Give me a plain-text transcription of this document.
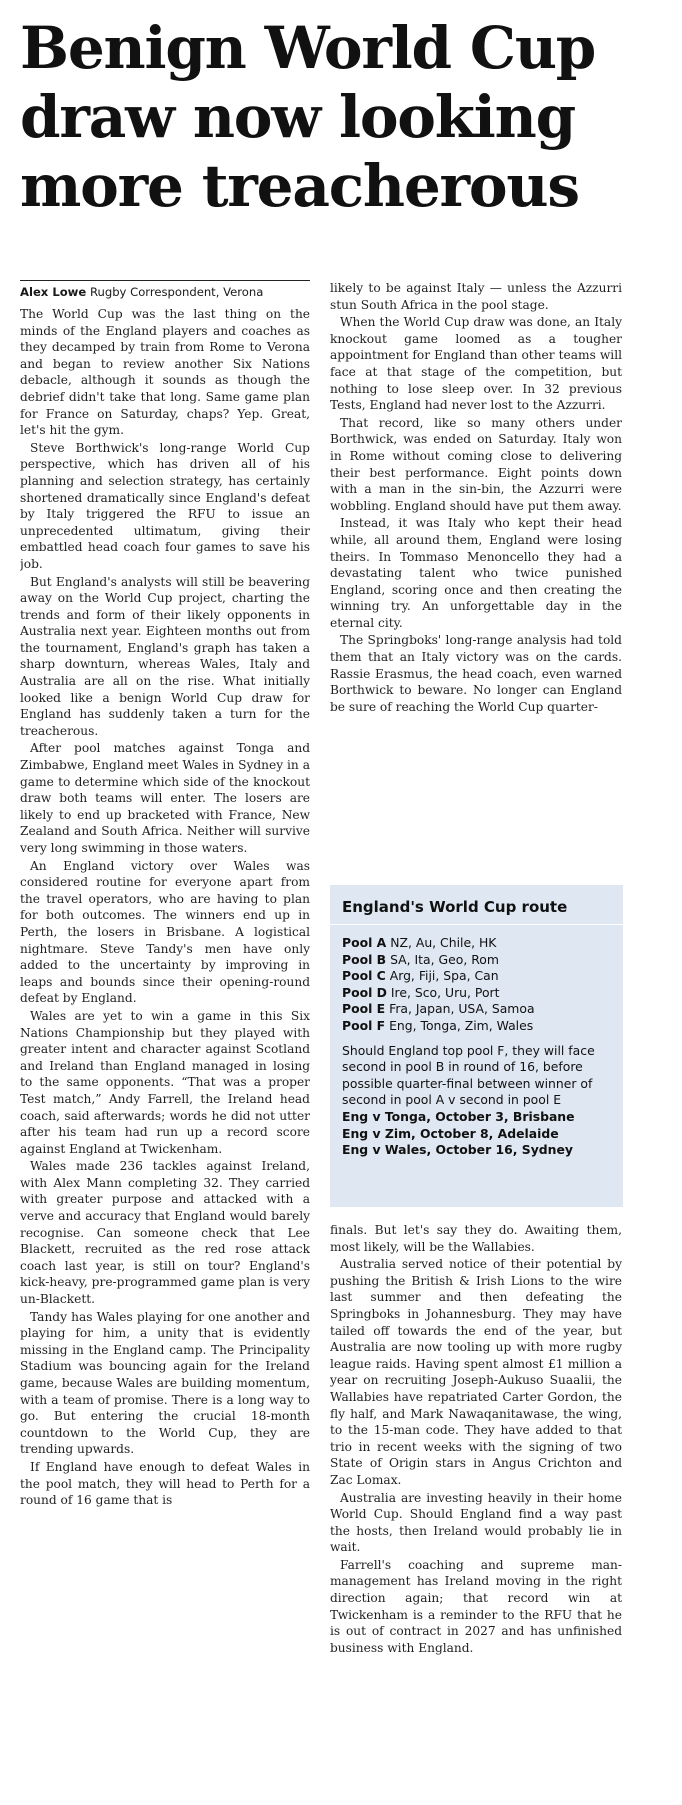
Benign World Cup
draw now looking
more treacherous
Alex Lowe Rugby Correspondent, Verona

The World Cup was the last thing on the minds of the England players and coaches as they decamped by train from Rome to Verona and began to review another Six Nations debacle, although it sounds as though the debrief didn't take that long. Same game plan for France on Saturday, chaps? Yep. Great, let's hit the gym.

Steve Borthwick's long-range World Cup perspective, which has driven all of his planning and selection strategy, has certainly shortened dramatically since England's defeat by Italy triggered the RFU to issue an unprecedented ultimatum, giving their embattled head coach four games to save his job.

But England's analysts will still be beavering away on the World Cup project, charting the trends and form of their likely opponents in Australia next year. Eighteen months out from the tournament, England's graph has taken a sharp downturn, whereas Wales, Italy and Australia are all on the rise. What initially looked like a benign World Cup draw for England has suddenly taken a turn for the treacherous.

After pool matches against Tonga and Zimbabwe, England meet Wales in Sydney in a game to determine which side of the knockout draw both teams will enter. The losers are likely to end up bracketed with France, New Zealand and South Africa. Neither will survive very long swimming in those waters.

An England victory over Wales was considered routine for everyone apart from the travel operators, who are having to plan for both outcomes. The winners end up in Perth, the losers in Brisbane. A logistical nightmare. Steve Tandy's men have only added to the uncertainty by improving in leaps and bounds since their opening-round defeat by England.

Wales are yet to win a game in this Six Nations Championship but they played with greater intent and character against Scotland and Ireland than England managed in losing to the same opponents. “That was a proper Test match,” Andy Farrell, the Ireland head coach, said afterwards; words he did not utter after his team had run up a record score against England at Twickenham.

Wales made 236 tackles against Ireland, with Alex Mann completing 32. They carried with greater purpose and attacked with a verve and accuracy that England would barely recognise. Can someone check that Lee Blackett, recruited as the red rose attack coach last year, is still on tour? England's kick-heavy, pre-programmed game plan is very un-Blackett.

Tandy has Wales playing for one another and playing for him, a unity that is evidently missing in the England camp. The Principality Stadium was bouncing again for the Ireland game, because Wales are building momentum, with a team of promise. There is a long way to go. But entering the crucial 18-month countdown to the World Cup, they are trending upwards.

If England have enough to defeat Wales in the pool match, they will head to Perth for a round of 16 game that is

likely to be against Italy — unless the Azzurri stun South Africa in the pool stage.

When the World Cup draw was done, an Italy knockout game loomed as a tougher appointment for England than other teams will face at that stage of the competition, but nothing to lose sleep over. In 32 previous Tests, England had never lost to the Azzurri.

That record, like so many others under Borthwick, was ended on Saturday. Italy won in Rome without coming close to delivering their best performance. Eight points down with a man in the sin-bin, the Azzurri were wobbling. England should have put them away.

Instead, it was Italy who kept their head while, all around them, England were losing theirs. In Tommaso Menoncello they had a devastating talent who twice punished England, scoring once and then creating the winning try. An unforgettable day in the eternal city.

The Springboks' long-range analysis had told them that an Italy victory was on the cards. Rassie Erasmus, the head coach, even warned Borthwick to beware. No longer can England be sure of reaching the World Cup quarter-

England's World Cup route
Pool A NZ, Au, Chile, HK
Pool B SA, Ita, Geo, Rom
Pool C Arg, Fiji, Spa, Can
Pool D Ire, Sco, Uru, Port
Pool E Fra, Japan, USA, Samoa
Pool F Eng, Tonga, Zim, Wales
Should England top pool F, they will face second in pool B in round of 16, before possible quarter-final between winner of second in pool A v second in pool E
Eng v Tonga, October 3, Brisbane
Eng v Zim, October 8, Adelaide
Eng v Wales, October 16, Sydney

finals. But let's say they do. Awaiting them, most likely, will be the Wallabies.

Australia served notice of their potential by pushing the British & Irish Lions to the wire last summer and then defeating the Springboks in Johannesburg. They may have tailed off towards the end of the year, but Australia are now tooling up with more rugby league raids. Having spent almost £1 million a year on recruiting Joseph-Aukuso Suaalii, the Wallabies have repatriated Carter Gordon, the fly half, and Mark Nawaqanitawase, the wing, to the 15-man code. They have added to that trio in recent weeks with the signing of two State of Origin stars in Angus Crichton and Zac Lomax.

Australia are investing heavily in their home World Cup. Should England find a way past the hosts, then Ireland would probably lie in wait.

Farrell's coaching and supreme man-management has Ireland moving in the right direction again; that record win at Twickenham is a reminder to the RFU that he is out of contract in 2027 and has unfinished business with England.
